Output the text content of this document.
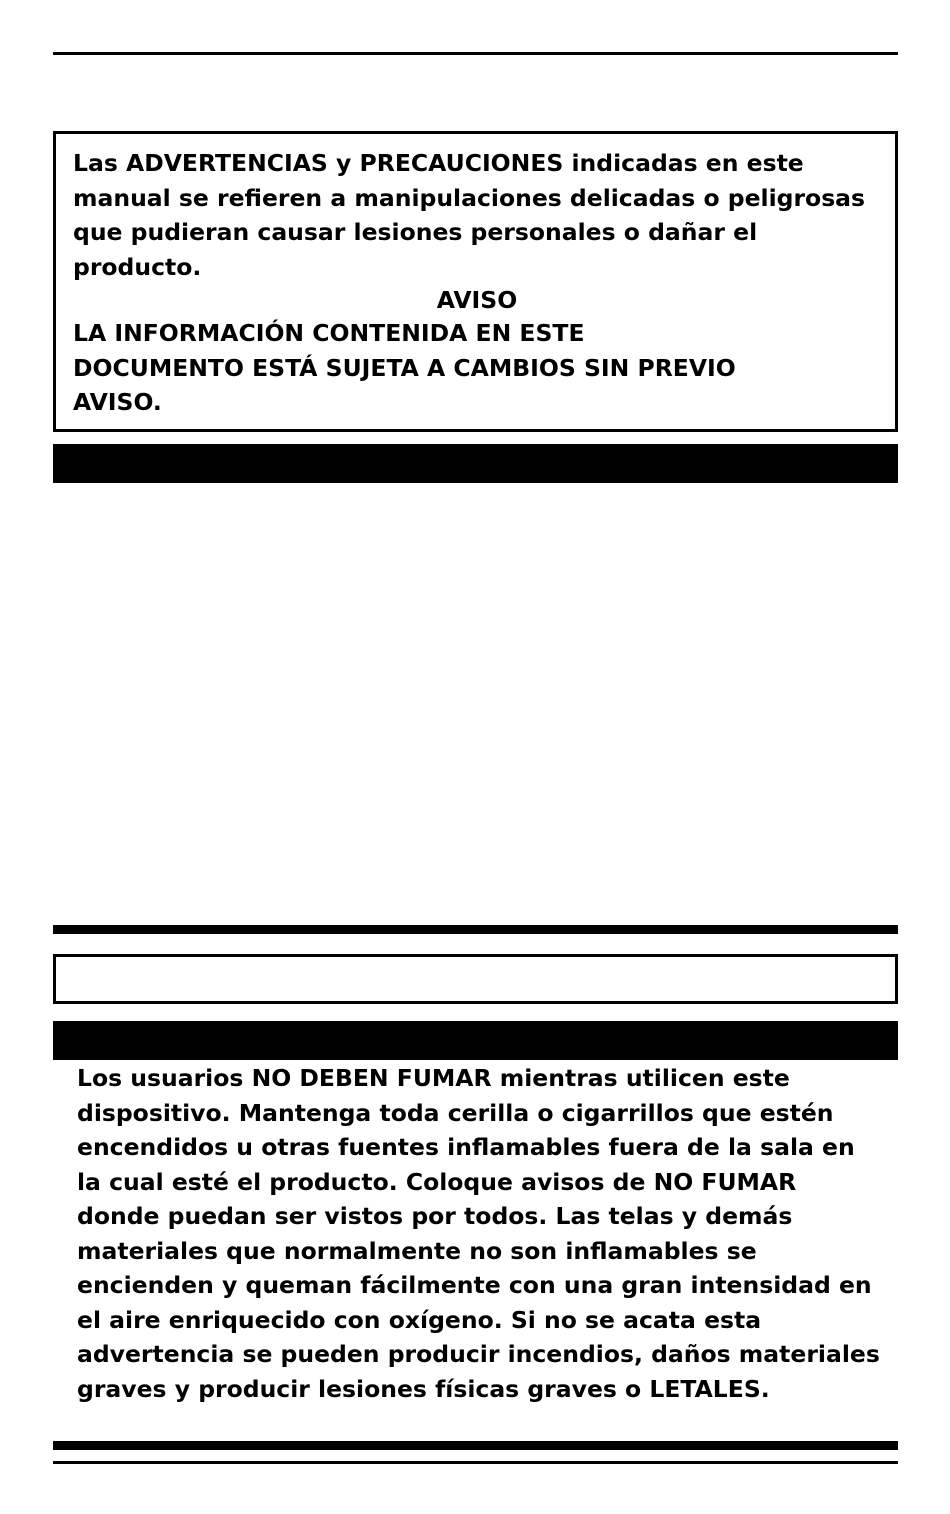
Las ADVERTENCIAS y PRECAUCIONES indicadas en este manual se refieren a manipulaciones delicadas o peligrosas que pudieran causar lesiones personales o dañar el producto.

AVISO

LA INFORMACIÓN CONTENIDA EN ESTE DOCUMENTO ESTÁ SUJETA A CAMBIOS SIN PREVIO AVISO.

Los usuarios NO DEBEN FUMAR mientras utilicen este dispositivo. Mantenga toda cerilla o cigarrillos que estén encendidos u otras fuentes inflamables fuera de la sala en la cual esté el producto. Coloque avisos de NO FUMAR donde puedan ser vistos por todos. Las telas y demás materiales que normalmente no son inflamables se encienden y queman fácilmente con una gran intensidad en el aire enriquecido con oxígeno. Si no se acata esta advertencia se pueden producir incendios, daños materiales graves y producir lesiones físicas graves o LETALES.
